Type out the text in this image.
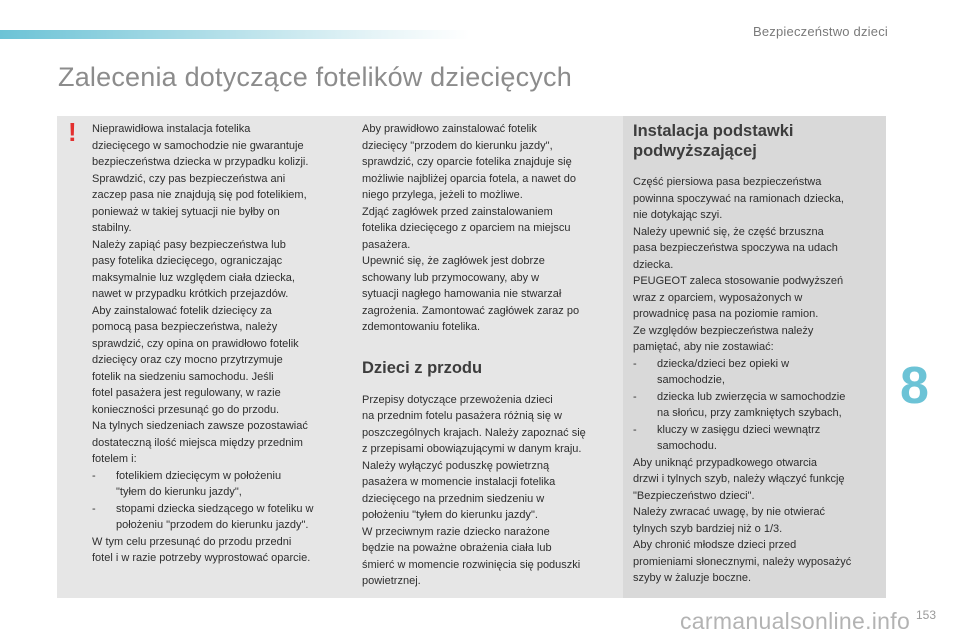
Bezpieczeństwo dzieci
Zalecenia dotyczące fotelików dziecięcych
! Nieprawidłowa instalacja fotelika

dziecięcego w samochodzie nie gwarantuje

bezpieczeństwa dziecka w przypadku kolizji.

Sprawdzić, czy pas bezpieczeństwa ani

zaczep pasa nie znajdują się pod fotelikiem,

ponieważ w takiej sytuacji nie byłby on

stabilny.

Należy zapiąć pasy bezpieczeństwa lub

pasy fotelika dziecięcego, ograniczając

maksymalnie luz względem ciała dziecka,

nawet w przypadku krótkich przejazdów.

Aby zainstalować fotelik dziecięcy za

pomocą pasa bezpieczeństwa, należy

sprawdzić, czy opina on prawidłowo fotelik

dziecięcy oraz czy mocno przytrzymuje

fotelik na siedzeniu samochodu. Jeśli

fotel pasażera jest regulowany, w razie

konieczności przesunąć go do przodu.

Na tylnych siedzeniach zawsze pozostawiać

dostateczną ilość miejsca między przednim

fotelem i:

- fotelikiem dziecięcym w położeniu

"tyłem do kierunku jazdy",

- stopami dziecka siedzącego w foteliku w

położeniu "przodem do kierunku jazdy".

W tym celu przesunąć do przodu przedni

fotel i w razie potrzeby wyprostować oparcie.

Aby prawidłowo zainstalować fotelik

dziecięcy "przodem do kierunku jazdy",

sprawdzić, czy oparcie fotelika znajduje się

możliwie najbliżej oparcia fotela, a nawet do

niego przylega, jeżeli to możliwe.

Zdjąć zagłówek przed zainstalowaniem

fotelika dziecięcego z oparciem na miejscu

pasażera.

Upewnić się, że zagłówek jest dobrze

schowany lub przymocowany, aby w

sytuacji nagłego hamowania nie stwarzał

zagrożenia. Zamontować zagłówek zaraz po

zdemontowaniu fotelika.

Dzieci z przodu

Przepisy dotyczące przewożenia dzieci

na przednim fotelu pasażera różnią się w

poszczególnych krajach. Należy zapoznać się

z przepisami obowiązującymi w danym kraju.

Należy wyłączyć poduszkę powietrzną

pasażera w momencie instalacji fotelika

dziecięcego na przednim siedzeniu w

położeniu "tyłem do kierunku jazdy".

W przeciwnym razie dziecko narażone

będzie na poważne obrażenia ciała lub

śmierć w momencie rozwinięcia się poduszki

powietrznej.

Instalacja podstawki
podwyższającej

Część piersiowa pasa bezpieczeństwa

powinna spoczywać na ramionach dziecka,

nie dotykając szyi.

Należy upewnić się, że część brzuszna

pasa bezpieczeństwa spoczywa na udach

dziecka.

PEUGEOT zaleca stosowanie podwyższeń

wraz z oparciem, wyposażonych w

prowadnicę pasa na poziomie ramion.

Ze względów bezpieczeństwa należy

pamiętać, aby nie zostawiać:

- dziecka/dzieci bez opieki w

samochodzie,

- dziecka lub zwierzęcia w samochodzie

na słońcu, przy zamkniętych szybach,

- kluczy w zasięgu dzieci wewnątrz

samochodu.

Aby uniknąć przypadkowego otwarcia

drzwi i tylnych szyb, należy włączyć funkcję

"Bezpieczeństwo dzieci".

Należy zwracać uwagę, by nie otwierać

tylnych szyb bardziej niż o 1/3.

Aby chronić młodsze dzieci przed

promieniami słonecznymi, należy wyposażyć

szyby w żaluzje boczne.

8
carmanualsonline.info 153
